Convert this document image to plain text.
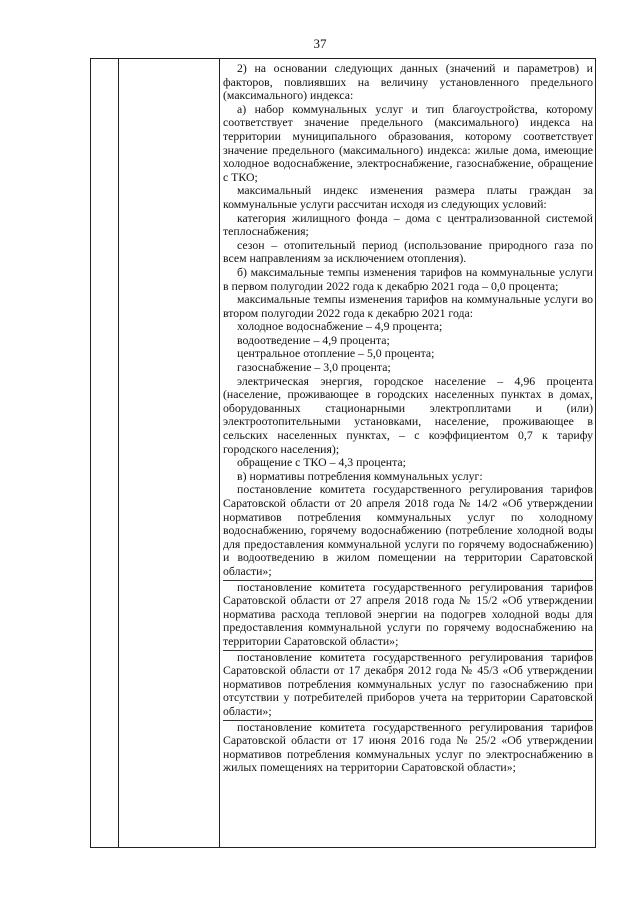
37

2) на основании следующих данных (значений и параметров) и факторов, повлиявших на величину установленного предельного (максимального) индекса:

а) набор коммунальных услуг и тип благоустройства, которому соответствует значение предельного (максимального) индекса на территории муниципального образования, которому соответствует значение предельного (максимального) индекса: жилые дома, имеющие холодное водоснабжение, электроснабжение, газоснабжение, обращение с ТКО;

максимальный индекс изменения размера платы граждан за коммунальные услуги рассчитан исходя из следующих условий:

категория жилищного фонда – дома с централизованной системой теплоснабжения;

сезон – отопительный период (использование природного газа по всем направлениям за исключением отопления).

б) максимальные темпы изменения тарифов на коммунальные услуги в первом полугодии 2022 года к декабрю 2021 года – 0,0 процента;

максимальные темпы изменения тарифов на коммунальные услуги во втором полугодии 2022 года к декабрю 2021 года:

холодное водоснабжение – 4,9 процента;

водоотведение – 4,9 процента;

центральное отопление – 5,0 процента;

газоснабжение – 3,0 процента;

электрическая энергия, городское население – 4,96 процента (население, проживающее в городских населенных пунктах в домах, оборудованных стационарными электроплитами и (или) электроотопительными установками, население, проживающее в сельских населенных пунктах, – с коэффициентом 0,7 к тарифу городского населения);

обращение с ТКО – 4,3 процента;

в) нормативы потребления коммунальных услуг:

постановление комитета государственного регулирования тарифов Саратовской области от 20 апреля 2018 года № 14/2 «Об утверждении нормативов потребления коммунальных услуг по холодному водоснабжению, горячему водоснабжению (потребление холодной воды для предоставления коммунальной услуги по горячему водоснабжению) и водоотведению в жилом помещении на территории Саратовской области»;

постановление комитета государственного регулирования тарифов Саратовской области от 27 апреля 2018 года № 15/2 «Об утверждении норматива расхода тепловой энергии на подогрев холодной воды для предоставления коммунальной услуги по горячему водоснабжению на территории Саратовской области»;

постановление комитета государственного регулирования тарифов Саратовской области от 17 декабря 2012 года № 45/3 «Об утверждении нормативов потребления коммунальных услуг по газоснабжению при отсутствии у потребителей приборов учета на территории Саратовской области»;

постановление комитета государственного регулирования тарифов Саратовской области от 17 июня 2016 года № 25/2 «Об утверждении нормативов потребления коммунальных услуг по электроснабжению в жилых помещениях на территории Саратовской области»;
